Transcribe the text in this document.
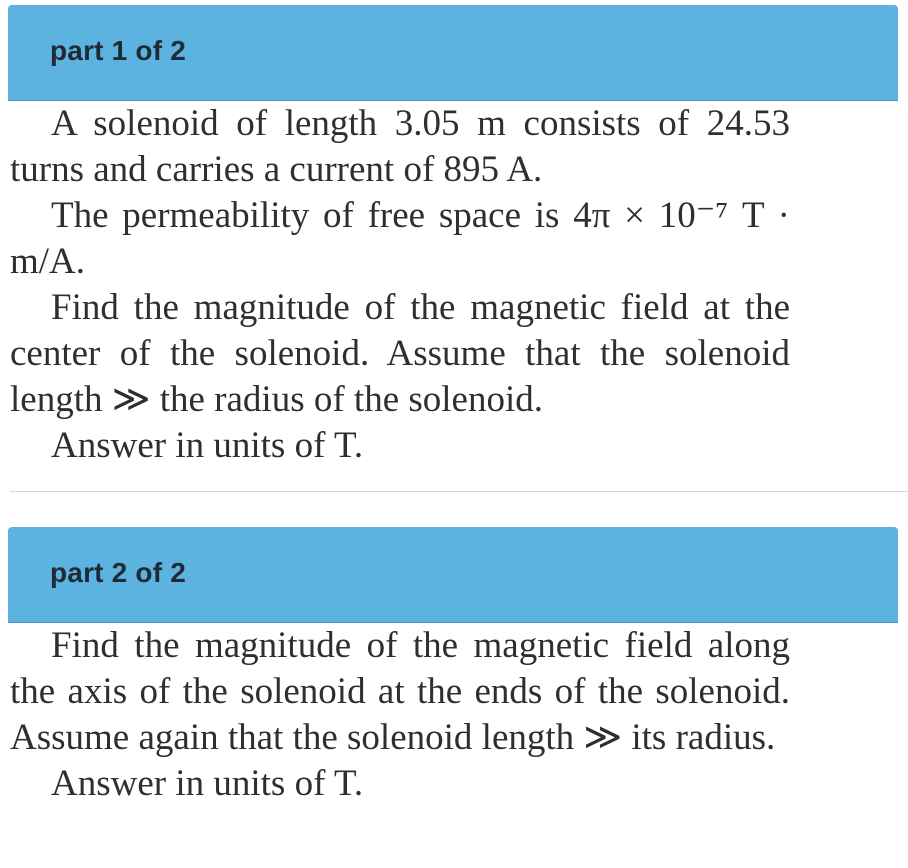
part 1 of 2
A solenoid of length 3.05 m consists of 24.53 turns and carries a current of 895 A.
The permeability of free space is 4π × 10⁻⁷ T · m/A.
Find the magnitude of the magnetic field at the center of the solenoid. Assume that the solenoid length ≫ the radius of the solenoid.
Answer in units of T.
part 2 of 2
Find the magnitude of the magnetic field along the axis of the solenoid at the ends of the solenoid. Assume again that the solenoid length ≫ its radius.
Answer in units of T.
